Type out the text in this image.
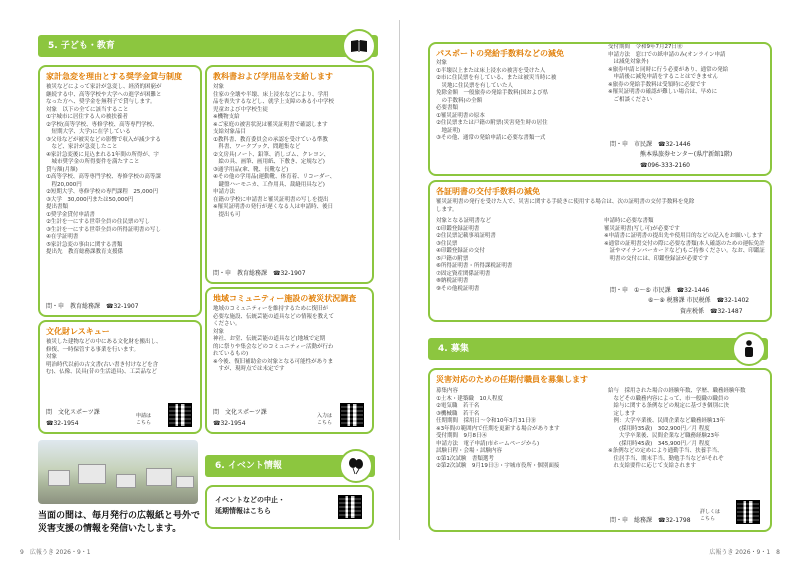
5. 子ども・教育
家計急変を理由とする奨学金貸与制度
被災などによって家計が急変し、経済的困窮が
継続する中、高等学校や大学への進学が困難と
なった方へ、奨学金を無利子で貸与します。
対象　以下の全てに該当すること
①宇城市に居住する人の被扶養者
②学校(高等学校、専修学校、高等専門学校、
　短期大学、大学)に在学している
③父母などが被災などの影響で収入が減少する
　など、家計が急変したこと
④家計急変後に見込まれる1年間の所得が、宇
　城市奨学金の所得要件を満たすこと
貸与額(月額)
①高等学校、高等専門学校、専修学校の高等課
　程20,000円
②短期大学、専修学校の専門課程　25,000円
③大学　30,000円または50,000円
提出書類
①奨学金貸付申請書
②生計を一にする世帯全員の住民票の写し
③生計を一にする世帯全員の所得証明書の写し
④在学証明書
⑤家計急変の事由に関する書類
提出先　教育総務課教育支援係
問・申　教育総務課　☎32-1907
教科書および学用品を支給します
対象
住家の全壊や半壊、床上浸水などにより、学用
品を喪失するなどし、就学上支障のある小中学校
児童および中学校生徒
※機物支給
※ご家庭の被害状況は罹災証明書で確認します
支給対象品目
①教科書、教育委員会の承認を受けている準教
　科書、ワークブック、問題集など
②文房具(ノート、鉛筆、消しゴム、クレヨン、
　絵の具、画筆、画用紙、下敷き、定規など)
③通学用品(傘、靴、長靴など)
④その他の学用品(運動靴、体育着、リコーダー、
　鍵盤ハーモニカ、工作用具、裁縫用具など)
申請方法
在籍の学校に申請書と罹災証明書の写しを提出
※罹災証明書の発行が遅くなる人は申請時、後日
　提出も可
問・申　教育総務課　☎32-1907
文化財レスキュー
被災した建物などの中にある文化財を搬出し、
修復、一時保管する事業を行います。
対象
明治時代以前の古文書(古い書き付けなどを含
む)、仏像、民具(昔の生活道具)、工芸品など
問　文化スポーツ課
☎32-1954
申請は
こちら
地域コミュニティー施設の被災状況調査
地域のコミュニティーを維持するために復旧が
必要な施設、伝統芸能の道具などの情報を教えて
ください。
対象
神社、お堂、伝統芸能の道具など(地域で定期
的に祭りや集会などのコミュニティー活動が行わ
れているもの)
※今後、復旧補助金の対象となる可能性がありま
　すが、現時点では未定です
問　文化スポーツ課
☎32-1954
入力は
こちら
当面の間は、毎月発行の広報紙と号外で
災害支援の情報を発信いたします。
6. イベント情報
イベントなどの中止・
延期情報はこちら
9　広報うき 2026・9・1
パスポートの発給手数料などの減免
対象
①半壊以上または床上浸水の被害を受けた人
②市に住民票を有している、または被災当時に被
　災地に住民票を有していた人
免除金額　一般旅券の発給手数料(国および県
　の手数料)の全額
必要書類
①罹災証明書の原本
②住民票または戸籍の附票(災害発生時の居住
　地証明)
③その他、通常の発給申請に必要な書類一式
受付期間　令和9年7月27日㊎
申請方法　窓口での紙申請のみ(オンライン申請
　は減免対象外)
※旅券申請と同時に行う必要があり、通常の発給
　申請後に減免申請をすることはできません
※旅券の発給手数料は受領時に必要です
※罹災証明書の確認が難しい場合は、早めに
　ご相談ください
問・申　市民課　☎32-1446
熊本県旅券センター(県庁新館1階)
☎096-333-2160
各証明書の交付手数料の減免
罹災証明書の発行を受けた人で、災害に関する手続きに使用する場合は、次の証明書の交付手数料を免除
します。
対象となる証明書など
①印鑑登録証明書
②住民票記載事項証明書
③住民票
④印鑑登録証の交付
⑤戸籍の附票
⑥所得証明書・所得課税証明書
⑦固定資産関係証明書
⑧納税証明書
⑨その他税証明書
申請時に必要な書類
罹災証明書(写し可)が必要です
※申請書に証明書の提出先や使用目的などの記入をお願いします
※通常の証明書交付の際に必要な書類(本人確認のための運転免許
　証やマイナンバーカードなど)もご持参ください。なお、印鑑証
　明書の交付には、印鑑登録証が必要です
問・申　①〜⑤ 市民課　☎32-1446
⑥〜⑨ 税務課 市民税係　☎32-1402
資産税係　☎32-1487
4. 募集
災害対応のための任期付職員を募集します
募集内容
①土木・建築職　10人程度
②電気職　若干名
③機械職　若干名
任期期間　採用日〜令和10年3月31日㊎
※3年間の範囲内で任期を更新する場合があります
受付期間　9月8日㊍
申請方法　電子申請(市ホームページから)
試験日程・会場・試験内容
①第1次試験　書類選考
②第2次試験　9月19日㊏・宇城市役所・個別面接
給与　採用された場合の経験年数、学歴、職務経験年数
　などその職務内容によって、市一般職の職員の
　給与に関する条例などの規定に基づき個別に決
　定します
　例：大学卒業後、民間企業など職務経験13年
　　(採用時35歳)　302,900円／月 程度
　　大学卒業後、民間企業など職務経験23年
　　(採用時45歳)　345,900円／月 程度
※条例などの定めにより通勤手当、扶養手当、
　住居手当、期末手当、勤勉手当などがそれぞ
　れ支給要件に応じて支給されます
問・申　総務課　☎32-1798
詳しくは
こちら
広報うき 2026・9・1　8
